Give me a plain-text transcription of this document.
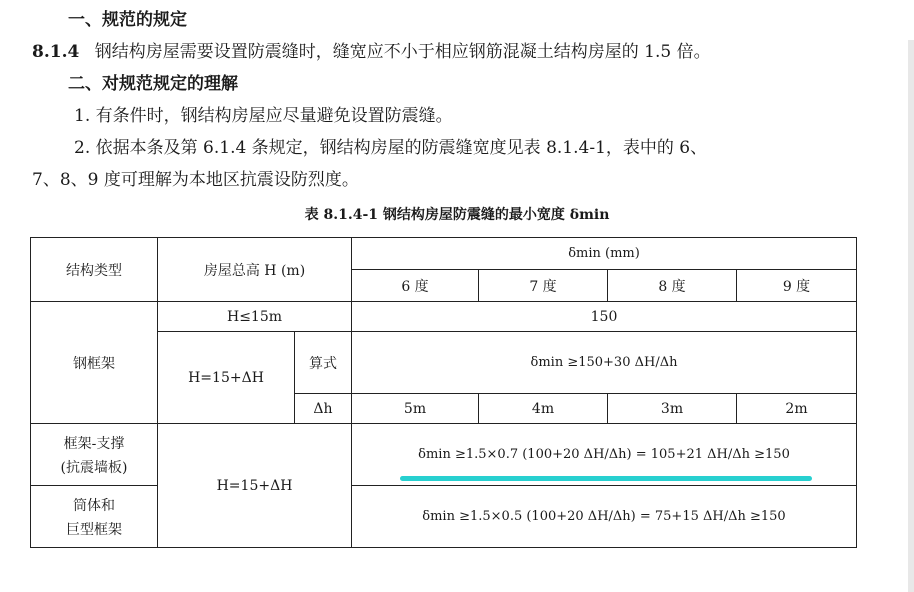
一、规范的规定
8.1.4 钢结构房屋需要设置防震缝时，缝宽应不小于相应钢筋混凝土结构房屋的 1.5 倍。
二、对规范规定的理解
1. 有条件时，钢结构房屋应尽量避免设置防震缝。
2. 依据本条及第 6.1.4 条规定，钢结构房屋的防震缝宽度见表 8.1.4-1，表中的 6、
7、8、9 度可理解为本地区抗震设防烈度。
表 8.1.4-1 钢结构房屋防震缝的最小宽度 δmin
结构类型	房屋总高 H (m)		δmin (mm)			
			6 度	7 度	8 度	9 度
钢框架	H≤15m		150			
	H=15+ΔH	算式	δmin ≥150+30 ΔH/Δh			
		Δh	5m	4m	3m	2m

框架-支撑
(抗震墙板)	H=15+ΔH		δmin ≥1.5×0.7 (100+20 ΔH/Δh) = 105+21 ΔH/Δh ≥150			

筒体和
巨型框架			δmin ≥1.5×0.5 (100+20 ΔH/Δh) = 75+15 ΔH/Δh ≥150			
